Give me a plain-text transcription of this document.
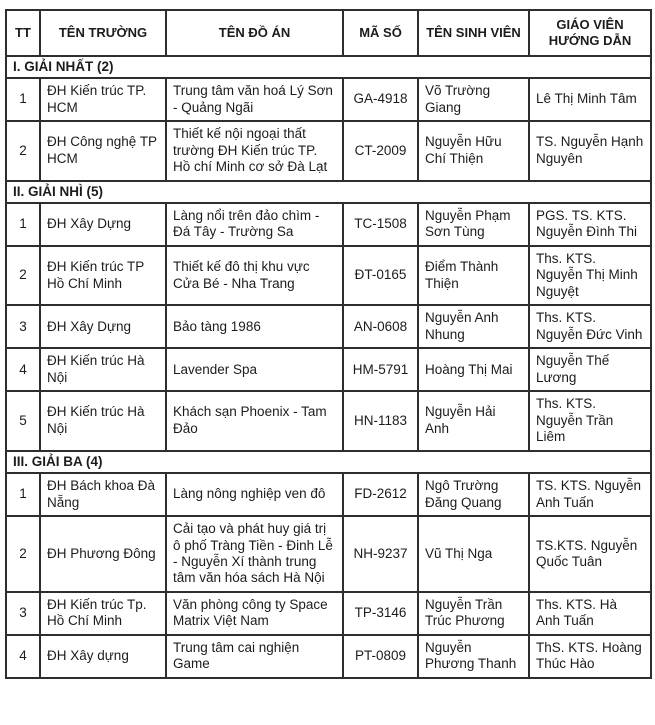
TT	TÊN TRƯỜNG	TÊN ĐỒ ÁN	MÃ SỐ	TÊN SINH VIÊN	GIÁO VIÊN HƯỚNG DẪN
I. GIẢI NHẤT (2)					
1	ĐH Kiến trúc TP. HCM	Trung tâm văn hoá Lý Sơn - Quảng Ngãi	GA-4918	Võ Trường Giang	Lê Thị Minh Tâm
2	ĐH Công nghệ TP HCM	Thiết kế nội ngoại thất trường ĐH Kiến trúc TP. Hồ chí Minh cơ sở Đà Lạt	CT-2009	Nguyễn Hữu Chí Thiện	TS. Nguyễn Hạnh Nguyên
II. GIẢI NHÌ (5)					
1	ĐH Xây Dựng	Làng nổi trên đảo chìm - Đá Tây - Trường Sa	TC-1508	Nguyễn Phạm Sơn Tùng	PGS. TS. KTS. Nguyễn Đình Thi
2	ĐH Kiến trúc TP Hồ Chí Minh	Thiết kế đô thị khu vực Cửa Bé - Nha Trang	ĐT-0165	Điểm Thành Thiện	Ths. KTS. Nguyễn Thị Minh Nguyệt
3	ĐH Xây Dựng	Bảo tàng 1986	AN-0608	Nguyễn Anh Nhung	Ths. KTS. Nguyễn Đức Vinh
4	ĐH Kiến trúc Hà Nội	Lavender Spa	HM-5791	Hoàng Thị Mai	Nguyễn Thế Lương
5	ĐH Kiến trúc Hà Nội	Khách sạn Phoenix - Tam Đảo	HN-1183	Nguyễn Hải Anh	Ths. KTS. Nguyễn Trần Liêm
III. GIẢI BA (4)					
1	ĐH Bách khoa Đà Nẵng	Làng nông nghiệp ven đô	FD-2612	Ngô Trường Đăng Quang	TS. KTS. Nguyễn Anh Tuấn
2	ĐH Phương Đông	Cải tạo và phát huy giá trị ô phố Tràng Tiền - Đinh Lễ - Nguyễn Xí thành trung tâm văn hóa sách Hà Nội	NH-9237	Vũ Thị Nga	TS.KTS. Nguyễn Quốc Tuân
3	ĐH Kiến trúc Tp. Hồ Chí Minh	Văn phòng công ty Space Matrix Việt Nam	TP-3146	Nguyễn Trần Trúc Phương	Ths. KTS. Hà Anh Tuấn
4	ĐH Xây dựng	Trung tâm cai nghiện Game	PT-0809	Nguyễn Phương Thanh	ThS. KTS. Hoàng Thúc Hào
